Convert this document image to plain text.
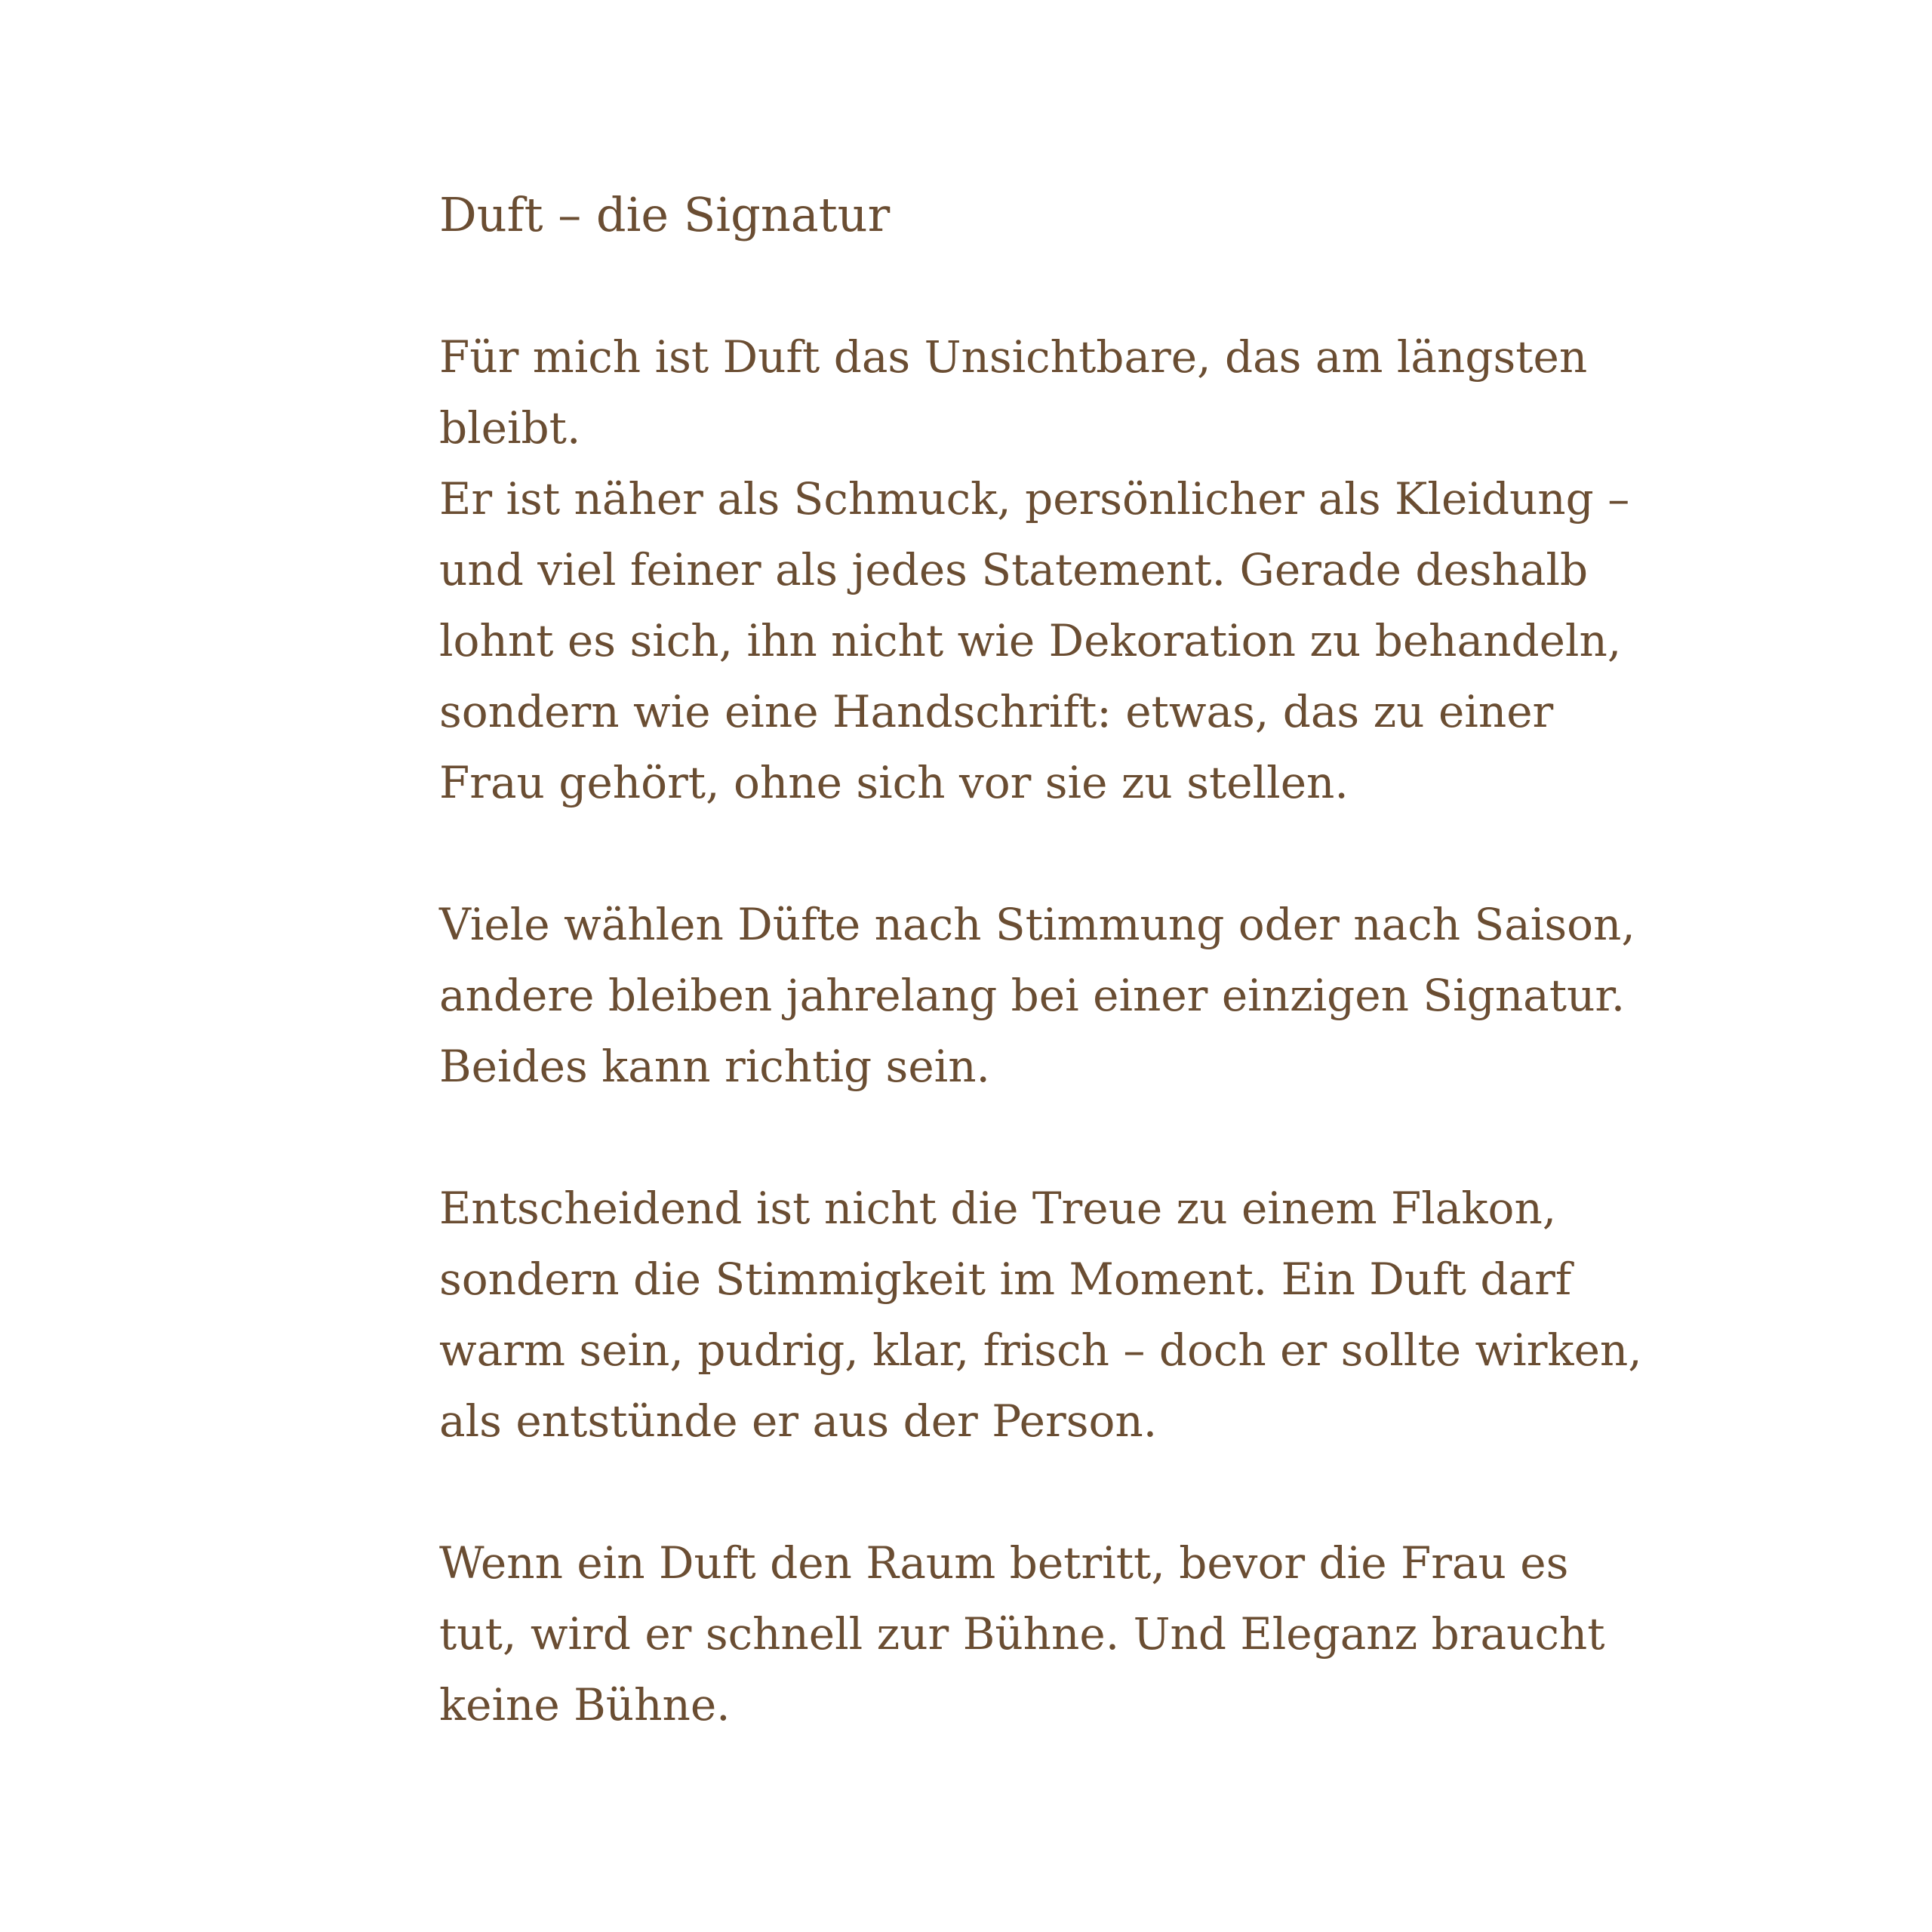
Duft – die Signatur

Für mich ist Duft das Unsichtbare, das am längsten
bleibt.
Er ist näher als Schmuck, persönlicher als Kleidung –
und viel feiner als jedes Statement. Gerade deshalb
lohnt es sich, ihn nicht wie Dekoration zu behandeln,
sondern wie eine Handschrift: etwas, das zu einer
Frau gehört, ohne sich vor sie zu stellen.

Viele wählen Düfte nach Stimmung oder nach Saison,
andere bleiben jahrelang bei einer einzigen Signatur.
Beides kann richtig sein.

Entscheidend ist nicht die Treue zu einem Flakon,
sondern die Stimmigkeit im Moment. Ein Duft darf
warm sein, pudrig, klar, frisch – doch er sollte wirken,
als entstünde er aus der Person.

Wenn ein Duft den Raum betritt, bevor die Frau es
tut, wird er schnell zur Bühne. Und Eleganz braucht
keine Bühne.
